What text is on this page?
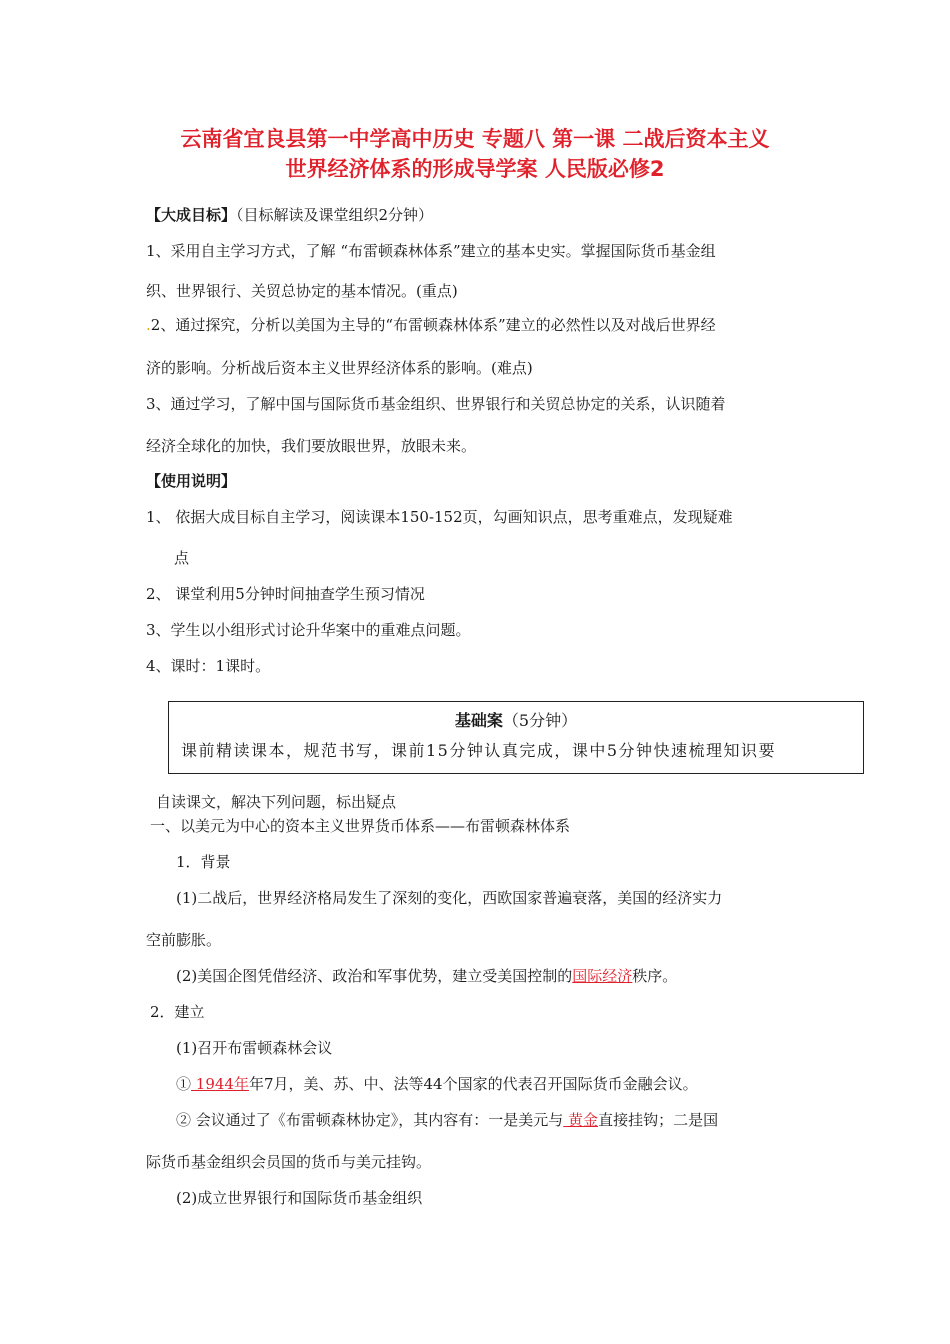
云南省宜良县第一中学高中历史 专题八 第一课 二战后资本主义
世界经济体系的形成导学案 人民版必修2
【大成目标】（目标解读及课堂组织2分钟）
1、采用自主学习方式，了解 “布雷顿森林体系”建立的基本史实。掌握国际货币基金组
织、世界银行、关贸总协定的基本情况。(重点)
.2、通过探究，分析以美国为主导的“布雷顿森林体系”建立的必然性以及对战后世界经
济的影响。分析战后资本主义世界经济体系的影响。(难点)
3、通过学习，了解中国与国际货币基金组织、世界银行和关贸总协定的关系，认识随着
经济全球化的加快，我们要放眼世界，放眼未来。
【使用说明】
1、 依据大成目标自主学习，阅读课本150-152页，勾画知识点，思考重难点，发现疑难
点
2、 课堂利用5分钟时间抽查学生预习情况
3、学生以小组形式讨论升华案中的重难点问题。
4、课时：1课时。
基础案（5分钟）
课前精读课本，规范书写，课前15分钟认真完成，课中5分钟快速梳理知识要
自读课文，解决下列问题，标出疑点
一、以美元为中心的资本主义世界货币体系——布雷顿森林体系
1．背景
(1)二战后，世界经济格局发生了深刻的变化，西欧国家普遍衰落，美国的经济实力
空前膨胀。
(2)美国企图凭借经济、政治和军事优势，建立受美国控制的国际经济秩序。
2．建立
(1)召开布雷顿森林会议
① 1944年年7月，美、苏、中、法等44个国家的代表召开国际货币金融会议。
② 会议通过了《布雷顿森林协定》，其内容有：一是美元与 黄金直接挂钩；二是国
际货币基金组织会员国的货币与美元挂钩。
(2)成立世界银行和国际货币基金组织
